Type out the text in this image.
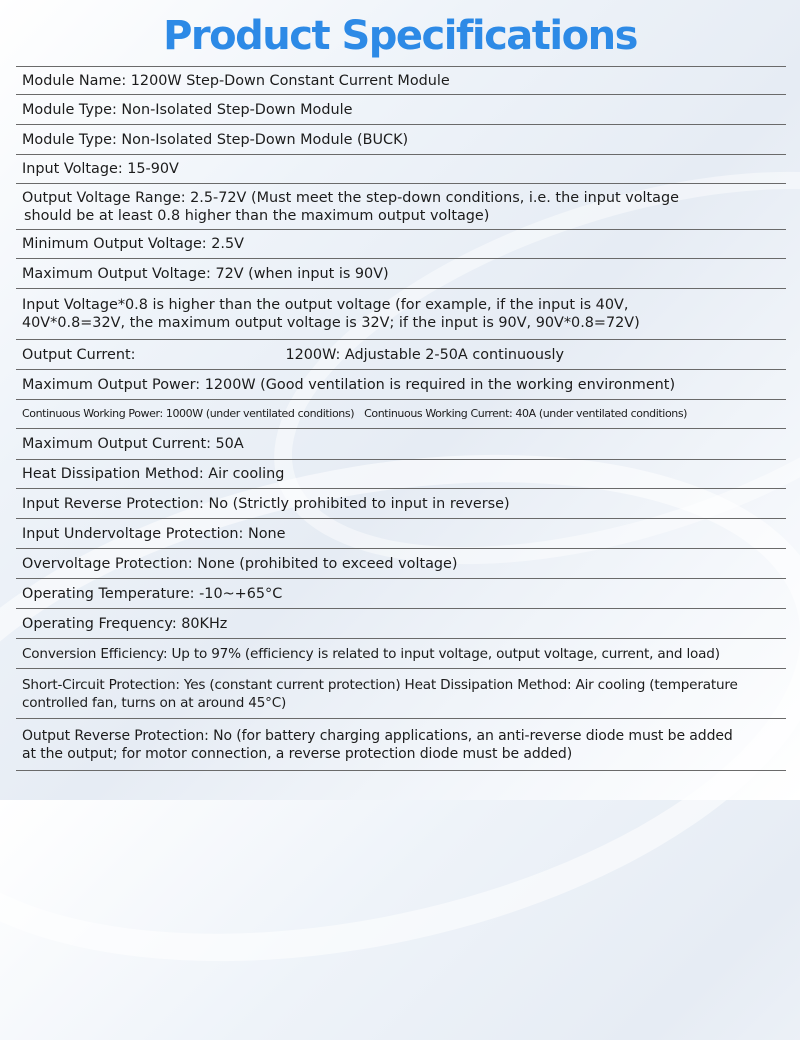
Product Specifications
Module Name: 1200W Step-Down Constant Current Module
Module Type: Non-Isolated Step-Down Module
Module Type: Non-Isolated Step-Down Module (BUCK)
Input Voltage: 15-90V
Output Voltage Range: 2.5-72V (Must meet the step-down conditions, i.e. the input voltage
should be at least 0.8 higher than the maximum output voltage)
Minimum Output Voltage: 2.5V
Maximum Output Voltage: 72V (when input is 90V)
Input Voltage*0.8 is higher than the output voltage (for example, if the input is 40V,
40V*0.8=32V, the maximum output voltage is 32V; if the input is 90V, 90V*0.8=72V)
Output Current:	1200W: Adjustable 2-50A continuously
Maximum Output Power: 1200W (Good ventilation is required in the working environment)
Continuous Working Power: 1000W (under ventilated conditions) Continuous Working Current: 40A (under ventilated conditions)
Maximum Output Current: 50A
Heat Dissipation Method: Air cooling
Input Reverse Protection: No (Strictly prohibited to input in reverse)
Input Undervoltage Protection: None
Overvoltage Protection: None (prohibited to exceed voltage)
Operating Temperature: -10~+65°C
Operating Frequency: 80KHz
Conversion Efficiency: Up to 97% (efficiency is related to input voltage, output voltage, current, and load)
Short-Circuit Protection: Yes (constant current protection) Heat Dissipation Method: Air cooling (temperature
controlled fan, turns on at around 45°C)
Output Reverse Protection: No (for battery charging applications, an anti-reverse diode must be added
at the output; for motor connection, a reverse protection diode must be added)
